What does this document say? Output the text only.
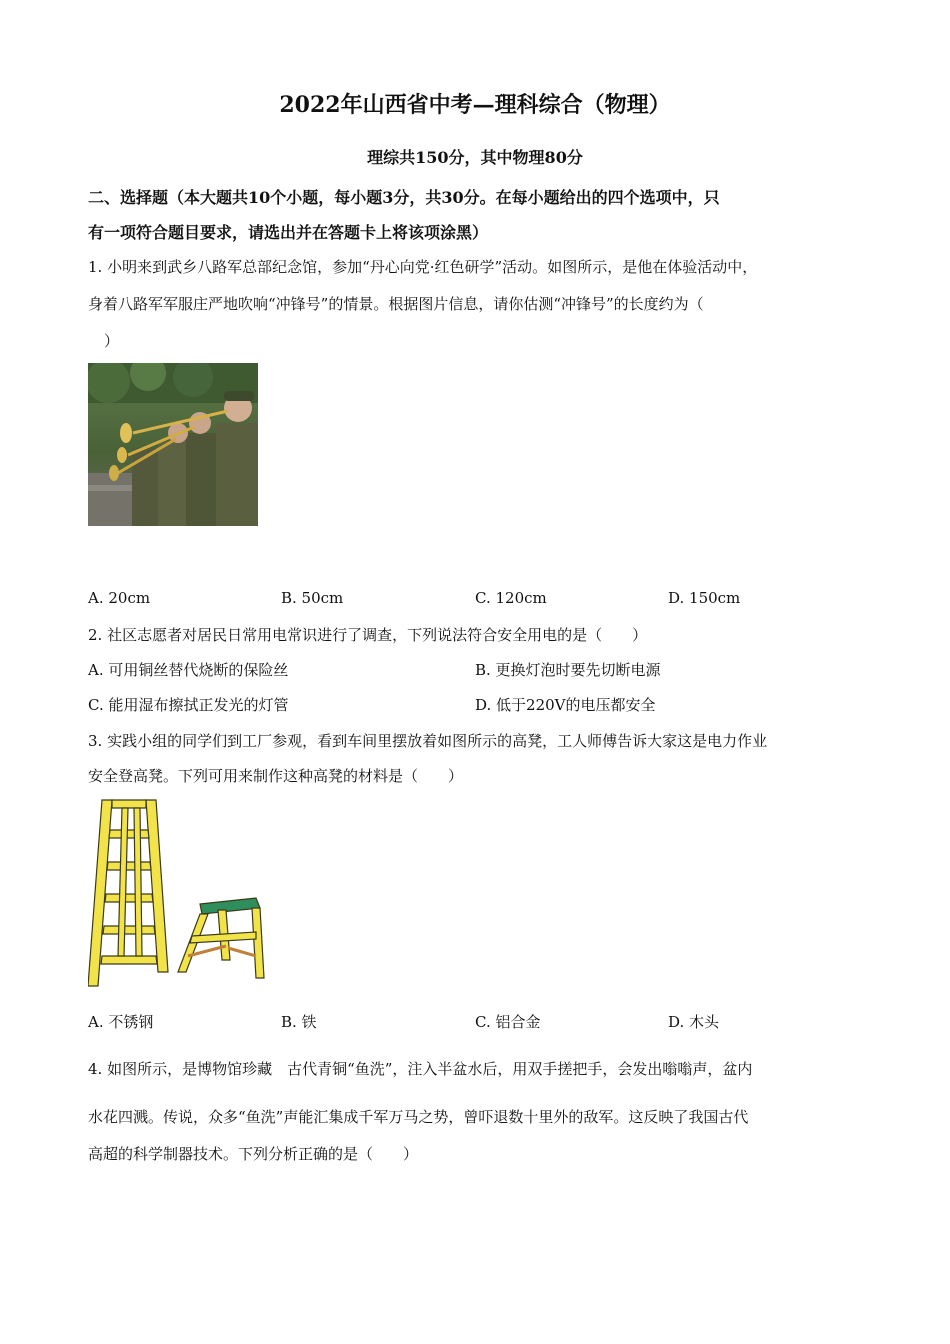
2022年山西省中考—理科综合（物理）
理综共150分，其中物理80分
二、选择题（本大题共10个小题，每小题3分，共30分。在每小题给出的四个选项中，只
有一项符合题目要求，请选出并在答题卡上将该项涂黑）
1. 小明来到武乡八路军总部纪念馆，参加“丹心向党·红色研学”活动。如图所示，是他在体验活动中，
身着八路军军服庄严地吹响“冲锋号”的情景。根据图片信息，请你估测“冲锋号”的长度约为（
）
A. 20cm	B. 50cm	C. 120cm	D. 150cm
2. 社区志愿者对居民日常用电常识进行了调查，下列说法符合安全用电的是（　　）
A. 可用铜丝替代烧断的保险丝	B. 更换灯泡时要先切断电源
C. 能用湿布擦拭正发光的灯管	D. 低于220V的电压都安全
3. 实践小组的同学们到工厂参观，看到车间里摆放着如图所示的高凳，工人师傅告诉大家这是电力作业
安全登高凳。下列可用来制作这种高凳的材料是（　　）
A. 不锈钢	B. 铁	C. 铝合金	D. 木头
4. 如图所示，是博物馆珍藏　古代青铜“鱼洗”，注入半盆水后，用双手搓把手，会发出嗡嗡声，盆内
水花四溅。传说，众多“鱼洗”声能汇集成千军万马之势，曾吓退数十里外的敌军。这反映了我国古代
高超的科学制器技术。下列分析正确的是（　　）
